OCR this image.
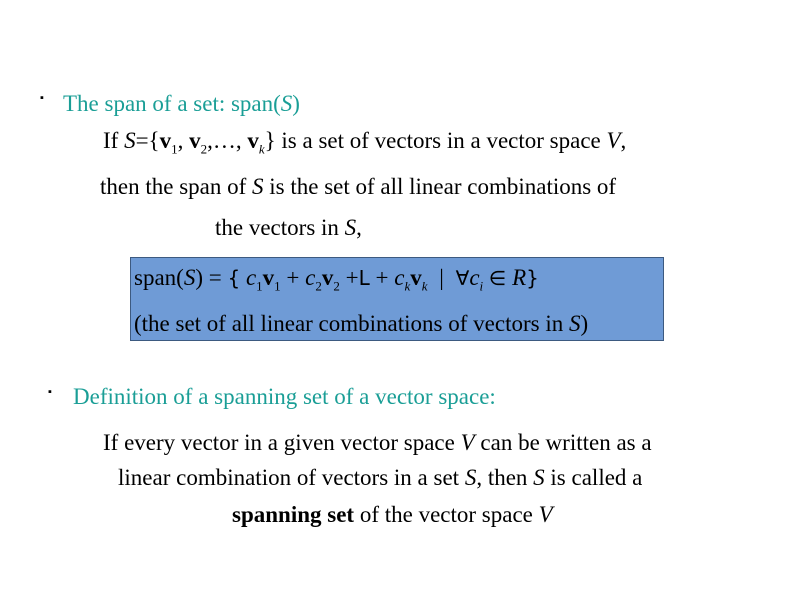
▪ The span of a set: span(S)
If $S=\{v_1$, $v_2,\dots$, $v_k$} is a set of vectors in a vector space V,
then the span of S is the set of all linear combinations of
the vectors in S,
span(S) = { $c_1v_1 + c_2v_2 +L + c_kv_k$ | $\forall c_i$ ∈ R}
(the set of all linear combinations of vectors in S)
▪ Definition of a spanning set of a vector space:
If every vector in a given vector space V can be written as a
linear combination of vectors in a set S, then S is called a
spanning set of the vector space V
